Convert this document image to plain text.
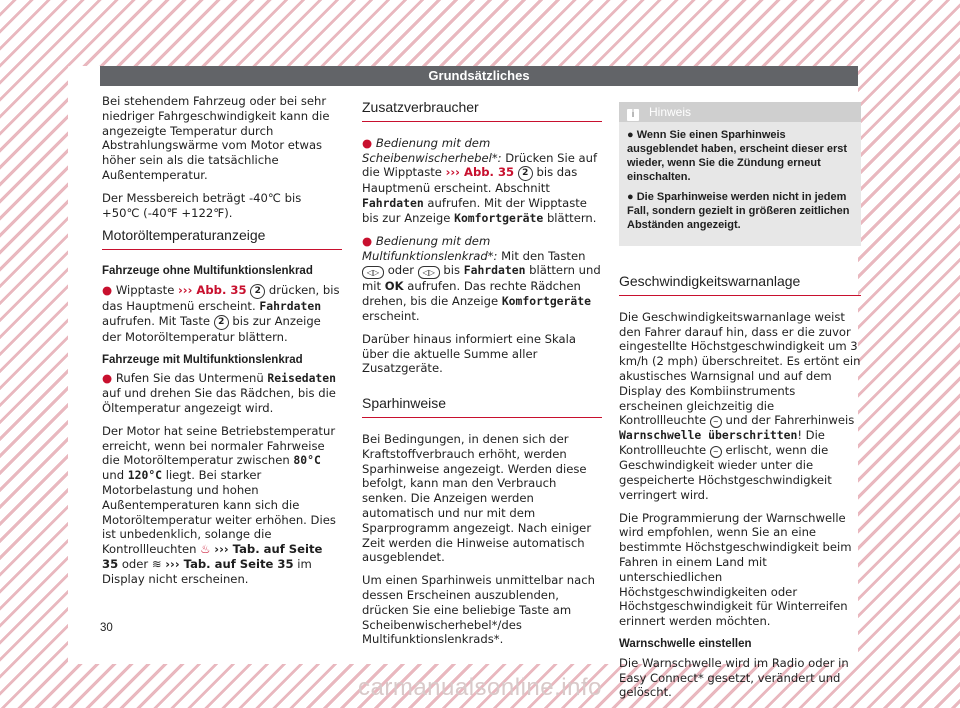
Grundsätzliches

Bei stehendem Fahrzeug oder bei sehr niedriger Fahrgeschwindigkeit kann die angezeigte Temperatur durch Abstrahlungswärme vom Motor etwas höher sein als die tatsächliche Außentemperatur.

Der Messbereich beträgt -40℃ bis +50℃ (-40℉ +122℉).

Motoröltemperaturanzeige
Fahrzeuge ohne Multifunktionslenkrad
● Wipptaste ››› Abb. 35 2 drücken, bis das Hauptmenü erscheint. Fahrdaten aufrufen. Mit Taste 2 bis zur Anzeige der Motoröltemperatur blättern.
Fahrzeuge mit Multifunktionslenkrad
● Rufen Sie das Untermenü Reisedaten auf und drehen Sie das Rädchen, bis die Öltemperatur angezeigt wird.

Der Motor hat seine Betriebstemperatur erreicht, wenn bei normaler Fahrweise die Motoröltemperatur zwischen 80°C und 120°C liegt. Bei starker Motorbelastung und hohen Außentemperaturen kann sich die Motoröltemperatur weiter erhöhen. Dies ist unbedenklich, solange die Kontrollleuchten ♨ ››› Tab. auf Seite 35 oder ≋ ››› Tab. auf Seite 35 im Display nicht erscheinen.

Zusatzverbraucher
● Bedienung mit dem Scheibenwischerhebel*: Drücken Sie auf die Wipptaste ››› Abb. 35 2 bis das Hauptmenü erscheint. Abschnitt Fahrdaten aufrufen. Mit der Wipptaste bis zur Anzeige Komfortgeräte blättern.
● Bedienung mit dem Multifunktionslenkrad*: Mit den Tasten ◁▷ oder ◁▷ bis Fahrdaten blättern und mit OK aufrufen. Das rechte Rädchen drehen, bis die Anzeige Komfortgeräte erscheint.

Darüber hinaus informiert eine Skala über die aktuelle Summe aller Zusatzgeräte.

Sparhinweise

Bei Bedingungen, in denen sich der Kraftstoffverbrauch erhöht, werden Sparhinweise angezeigt. Werden diese befolgt, kann man den Verbrauch senken. Die Anzeigen werden automatisch und nur mit dem Sparprogramm angezeigt. Nach einiger Zeit werden die Hinweise automatisch ausgeblendet.

Um einen Sparhinweis unmittelbar nach dessen Erscheinen auszublenden, drücken Sie eine beliebige Taste am Scheibenwischerhebel*/des Multifunktionslenkrads*.

i Hinweis
● Wenn Sie einen Sparhinweis ausgeblendet haben, erscheint dieser erst wieder, wenn Sie die Zündung erneut einschalten.
● Die Sparhinweise werden nicht in jedem Fall, sondern gezielt in größeren zeitlichen Abständen angezeigt.
Geschwindigkeitswarnanlage

Die Geschwindigkeitswarnanlage weist den Fahrer darauf hin, dass er die zuvor eingestellte Höchstgeschwindigkeit um 3 km/h (2 mph) überschreitet. Es ertönt ein akustisches Warnsignal und auf dem Display des Kombiinstruments erscheinen gleichzeitig die Kontrollleuchte ~ und der Fahrerhinweis Warnschwelle überschritten! Die Kontrollleuchte ~ erlischt, wenn die Geschwindigkeit wieder unter die gespeicherte Höchstgeschwindigkeit verringert wird.

Die Programmierung der Warnschwelle wird empfohlen, wenn Sie an eine bestimmte Höchstgeschwindigkeit beim Fahren in einem Land mit unterschiedlichen Höchstgeschwindigkeiten oder Höchstgeschwindigkeit für Winterreifen erinnert werden möchten.

Warnschwelle einstellen

Die Warnschwelle wird im Radio oder in Easy Connect* gesetzt, verändert und gelöscht.

30
carmanualsonline.info
